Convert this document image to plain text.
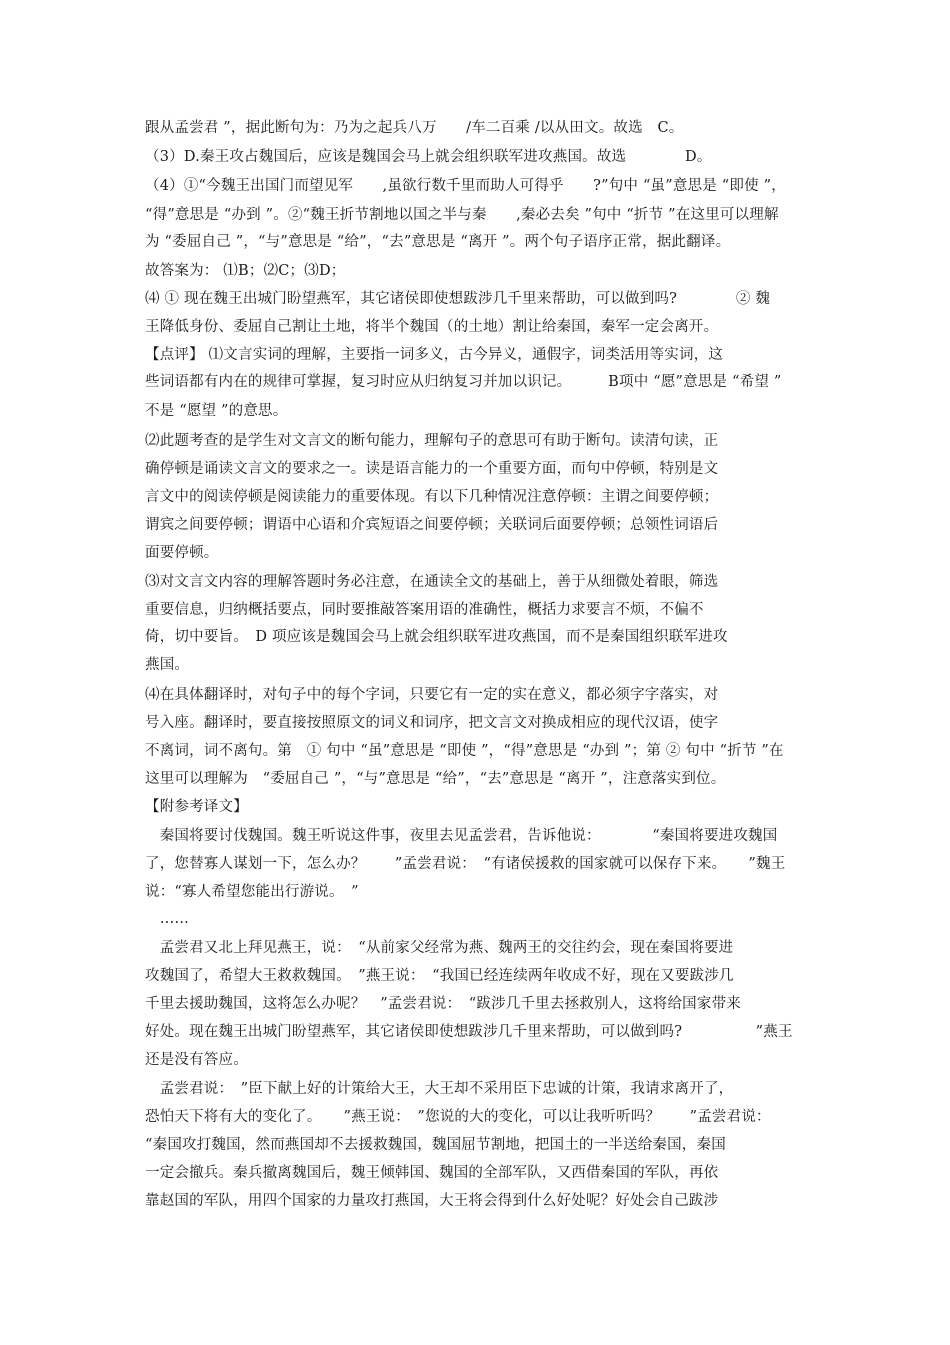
跟从孟尝君 ”，据此断句为：乃为之起兵八万　　/车二百乘 /以从田文。故选　C。
（3）D.秦王攻占魏国后，应该是魏国会马上就会组织联军进攻燕国。故选　　　　D。
（4）①“今魏王出国门而望见军　　,虽欲行数千里而助人可得乎　　?”句中 “虽”意思是 “即使 ”，
“得”意思是 “办到 ”。②“魏王折节割地以国之半与秦　　,秦必去矣 ”句中 “折节 ”在这里可以理解
为 “委屈自己 ”，“与”意思是 “给”，“去”意思是 “离开 ”。两个句子语序正常，据此翻译。
故答案为： ⑴B；⑵C；⑶D；
⑷ ① 现在魏王出城门盼望燕军，其它诸侯即使想跋涉几千里来帮助，可以做到吗?　　　　② 魏
王降低身份、委屈自己割让土地，将半个魏国（的土地）割让给秦国，秦军一定会离开。
【点评】 ⑴文言实词的理解，主要指一词多义，古今异义，通假字，词类活用等实词，这
些词语都有内在的规律可掌握，复习时应从归纳复习并加以识记。　　　B项中 “愿”意思是 “希望 ”
不是 “愿望 ”的意思。
⑵此题考查的是学生对文言文的断句能力，理解句子的意思可有助于断句。读清句读，正
确停顿是诵读文言文的要求之一。读是语言能力的一个重要方面，而句中停顿，特别是文
言文中的阅读停顿是阅读能力的重要体现。有以下几种情况注意停顿：主谓之间要停顿；
谓宾之间要停顿；谓语中心语和介宾短语之间要停顿；关联词后面要停顿；总领性词语后
面要停顿。
⑶对文言文内容的理解答题时务必注意，在通读全文的基础上，善于从细微处着眼，筛选
重要信息，归纳概括要点，同时要推敲答案用语的准确性，概括力求要言不烦，不偏不
倚，切中要旨。　D 项应该是魏国会马上就会组织联军进攻燕国，而不是秦国组织联军进攻
燕国。
⑷在具体翻译时，对句子中的每个字词，只要它有一定的实在意义，都必须字字落实，对
号入座。翻译时，要直接按照原文的词义和词序，把文言文对换成相应的现代汉语，使字
不离词，词不离句。第　① 句中 “虽”意思是 “即使 ”，“得”意思是 “办到 ”；第 ② 句中 “折节 ”在
这里可以理解为　“委屈自己 ”，“与”意思是 “给”，“去”意思是 “离开 ”，注意落实到位。
【附参考译文】
　秦国将要讨伐魏国。魏王听说这件事，夜里去见孟尝君，告诉他说：　　　　“秦国将要进攻魏国
了，您替寡人谋划一下，怎么办？　　”孟尝君说：　“有诸侯援救的国家就可以保存下来。　　”魏王
说：“寡人希望您能出行游说。　”
　……
　孟尝君又北上拜见燕王，说：　“从前家父经常为燕、魏两王的交往约会，现在秦国将要进
攻魏国了，希望大王救救魏国。　”燕王说：　“我国已经连续两年收成不好，现在又要跋涉几
千里去援助魏国，这将怎么办呢？　”孟尝君说：　“跋涉几千里去拯救别人，这将给国家带来
好处。现在魏王出城门盼望燕军，其它诸侯即使想跋涉几千里来帮助，可以做到吗?　　　　　”燕王
还是没有答应。
　孟尝君说：　”臣下献上好的计策给大王，大王却不采用臣下忠诚的计策，我请求离开了，
恐怕天下将有大的变化了。　　”燕王说：　”您说的大的变化，可以让我听听吗？　　”孟尝君说：
“秦国攻打魏国，然而燕国却不去援救魏国，魏国屈节割地，把国土的一半送给秦国，秦国
一定会撤兵。秦兵撤离魏国后，魏王倾韩国、魏国的全部军队，又西借秦国的军队，再依
靠赵国的军队，用四个国家的力量攻打燕国，大王将会得到什么好处呢？好处会自己跋涉
